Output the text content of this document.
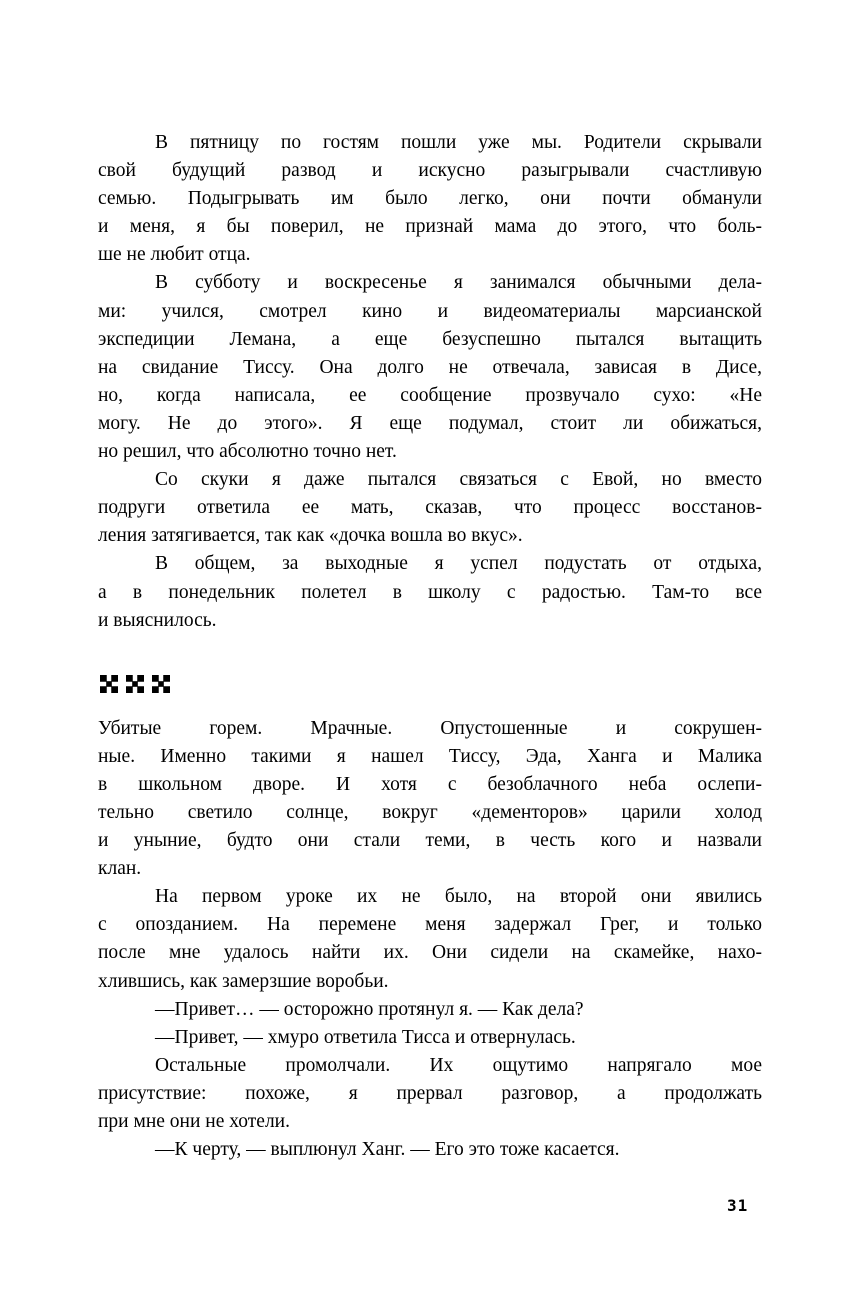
В пятницу по гостям пошли уже мы. Родители скрывали
свой будущий развод и искусно разыгрывали счастливую
семью. Подыгрывать им было легко, они почти обманули
и меня, я бы поверил, не признай мама до этого, что боль-
ше не любит отца.
В субботу и воскресенье я занимался обычными дела-
ми: учился, смотрел кино и видеоматериалы марсианской
экспедиции Лемана, а еще безуспешно пытался вытащить
на свидание Тиссу. Она долго не отвечала, зависая в Дисе,
но, когда написала, ее сообщение прозвучало сухо: «Не
могу. Не до этого». Я еще подумал, стоит ли обижаться,
но решил, что абсолютно точно нет.
Со скуки я даже пытался связаться с Евой, но вместо
подруги ответила ее мать, сказав, что процесс восстанов-
ления затягивается, так как «дочка вошла во вкус».
В общем, за выходные я успел подустать от отдыха,
а в понедельник полетел в школу с радостью. Там-то все
и выяснилось.
Убитые горем. Мрачные. Опустошенные и сокрушен-
ные. Именно такими я нашел Тиссу, Эда, Ханга и Малика
в школьном дворе. И хотя с безоблачного неба ослепи-
тельно светило солнце, вокруг «дементоров» царили холод
и уныние, будто они стали теми, в честь кого и назвали
клан.
На первом уроке их не было, на второй они явились
с опозданием. На перемене меня задержал Грег, и только
после мне удалось найти их. Они сидели на скамейке, нахо-
хлившись, как замерзшие воробьи.
—Привет… — осторожно протянул я. — Как дела?
—Привет, — хмуро ответила Тисса и отвернулась.
Остальные промолчали. Их ощутимо напрягало мое
присутствие: похоже, я прервал разговор, а продолжать
при мне они не хотели.
—К черту, — выплюнул Ханг. — Его это тоже касается.
31
